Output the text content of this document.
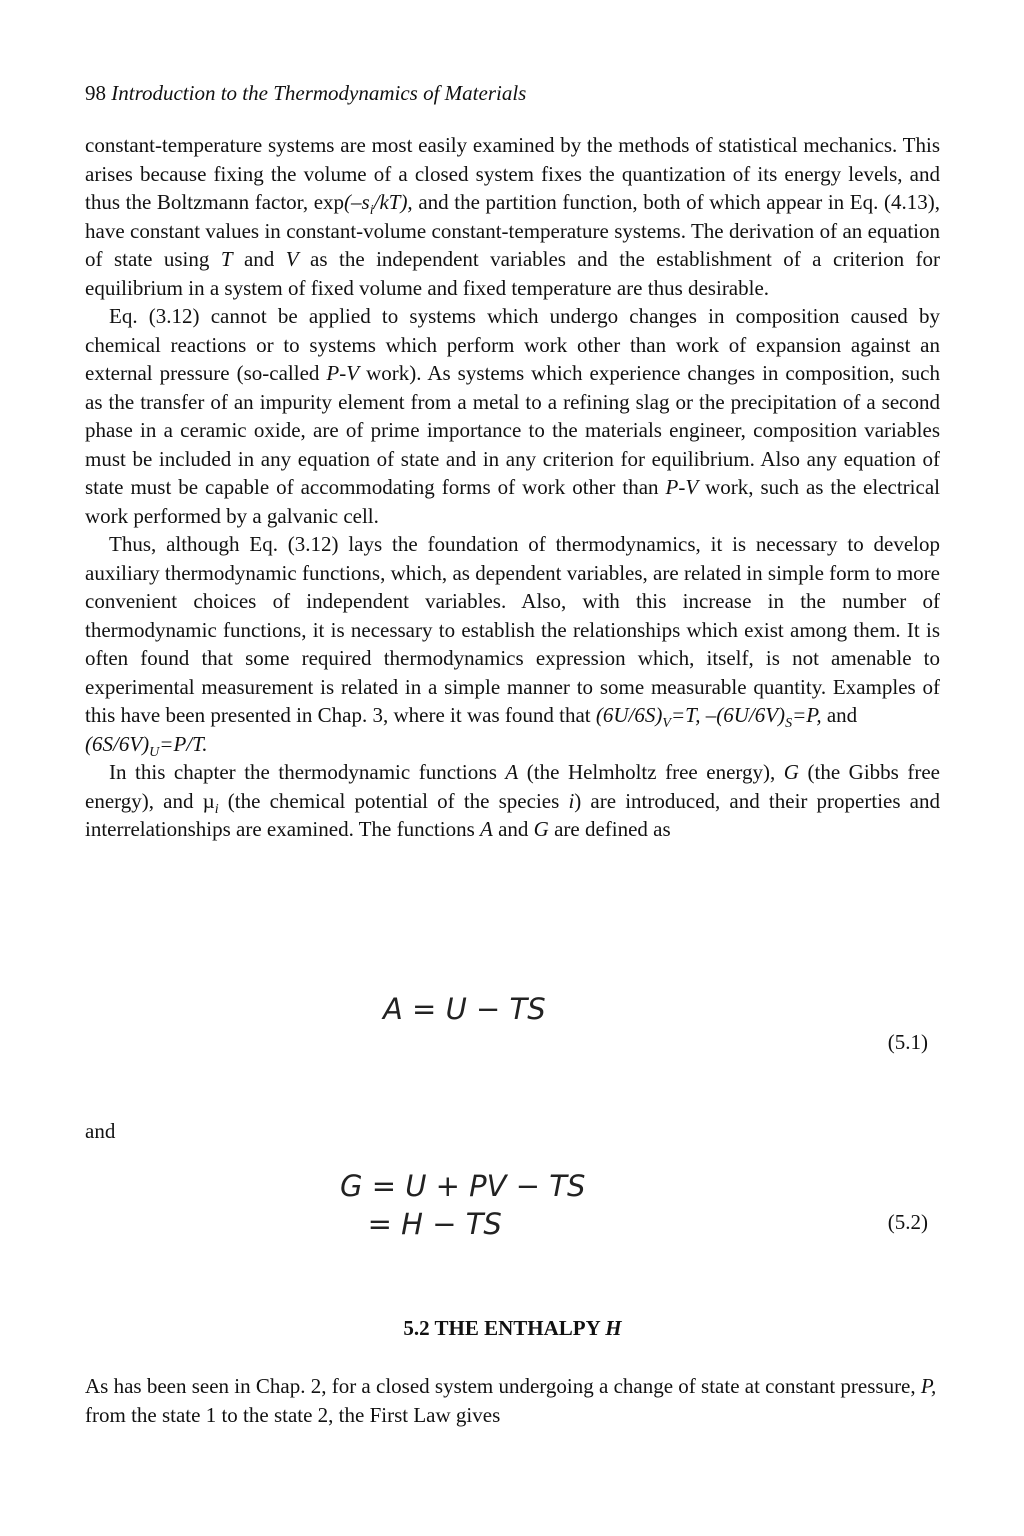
98 Introduction to the Thermodynamics of Materials

constant-temperature systems are most easily examined by the methods of statistical mechanics. This arises because fixing the volume of a closed system fixes the quantization of its energy levels, and thus the Boltzmann factor, $\exp(-s_i/kT)$, and the partition function, both of which appear in Eq. (4.13), have constant values in constant-volume constant-temperature systems. The derivation of an equation of state using T and V as the independent variables and the establishment of a criterion for equilibrium in a system of fixed volume and fixed temperature are thus desirable.

Eq. (3.12) cannot be applied to systems which undergo changes in composition caused by chemical reactions or to systems which perform work other than work of expansion against an external pressure (so-called P-V work). As systems which experience changes in composition, such as the transfer of an impurity element from a metal to a refining slag or the precipitation of a second phase in a ceramic oxide, are of prime importance to the materials engineer, composition variables must be included in any equation of state and in any criterion for equilibrium. Also any equation of state must be capable of accommodating forms of work other than P-V work, such as the electrical work performed by a galvanic cell.

Thus, although Eq. (3.12) lays the foundation of thermodynamics, it is necessary to develop auxiliary thermodynamic functions, which, as dependent variables, are related in simple form to more convenient choices of independent variables. Also, with this increase in the number of thermodynamic functions, it is necessary to establish the relationships which exist among them. It is often found that some required thermodynamics expression which, itself, is not amenable to experimental measurement is related in a simple manner to some measurable quantity. Examples of this have been presented in Chap. 3, where it was found that $(6U/6S)_V=T$, $-(6U/6V)_S=P$, and
$(6S/6V)_U=P/T$.

In this chapter the thermodynamic functions A (the Helmholtz free energy), G (the Gibbs free energy), and µ$_i$ (the chemical potential of the species i) are introduced, and their properties and interrelationships are examined. The functions A and G are defined as

A = U − TS
(5.1)
and
G = U + PV − TS
= H − TS	(5.2)
5.2 THE ENTHALPY H
As has been seen in Chap. 2, for a closed system undergoing a change of state at constant pressure, P, from the state 1 to the state 2, the First Law gives
